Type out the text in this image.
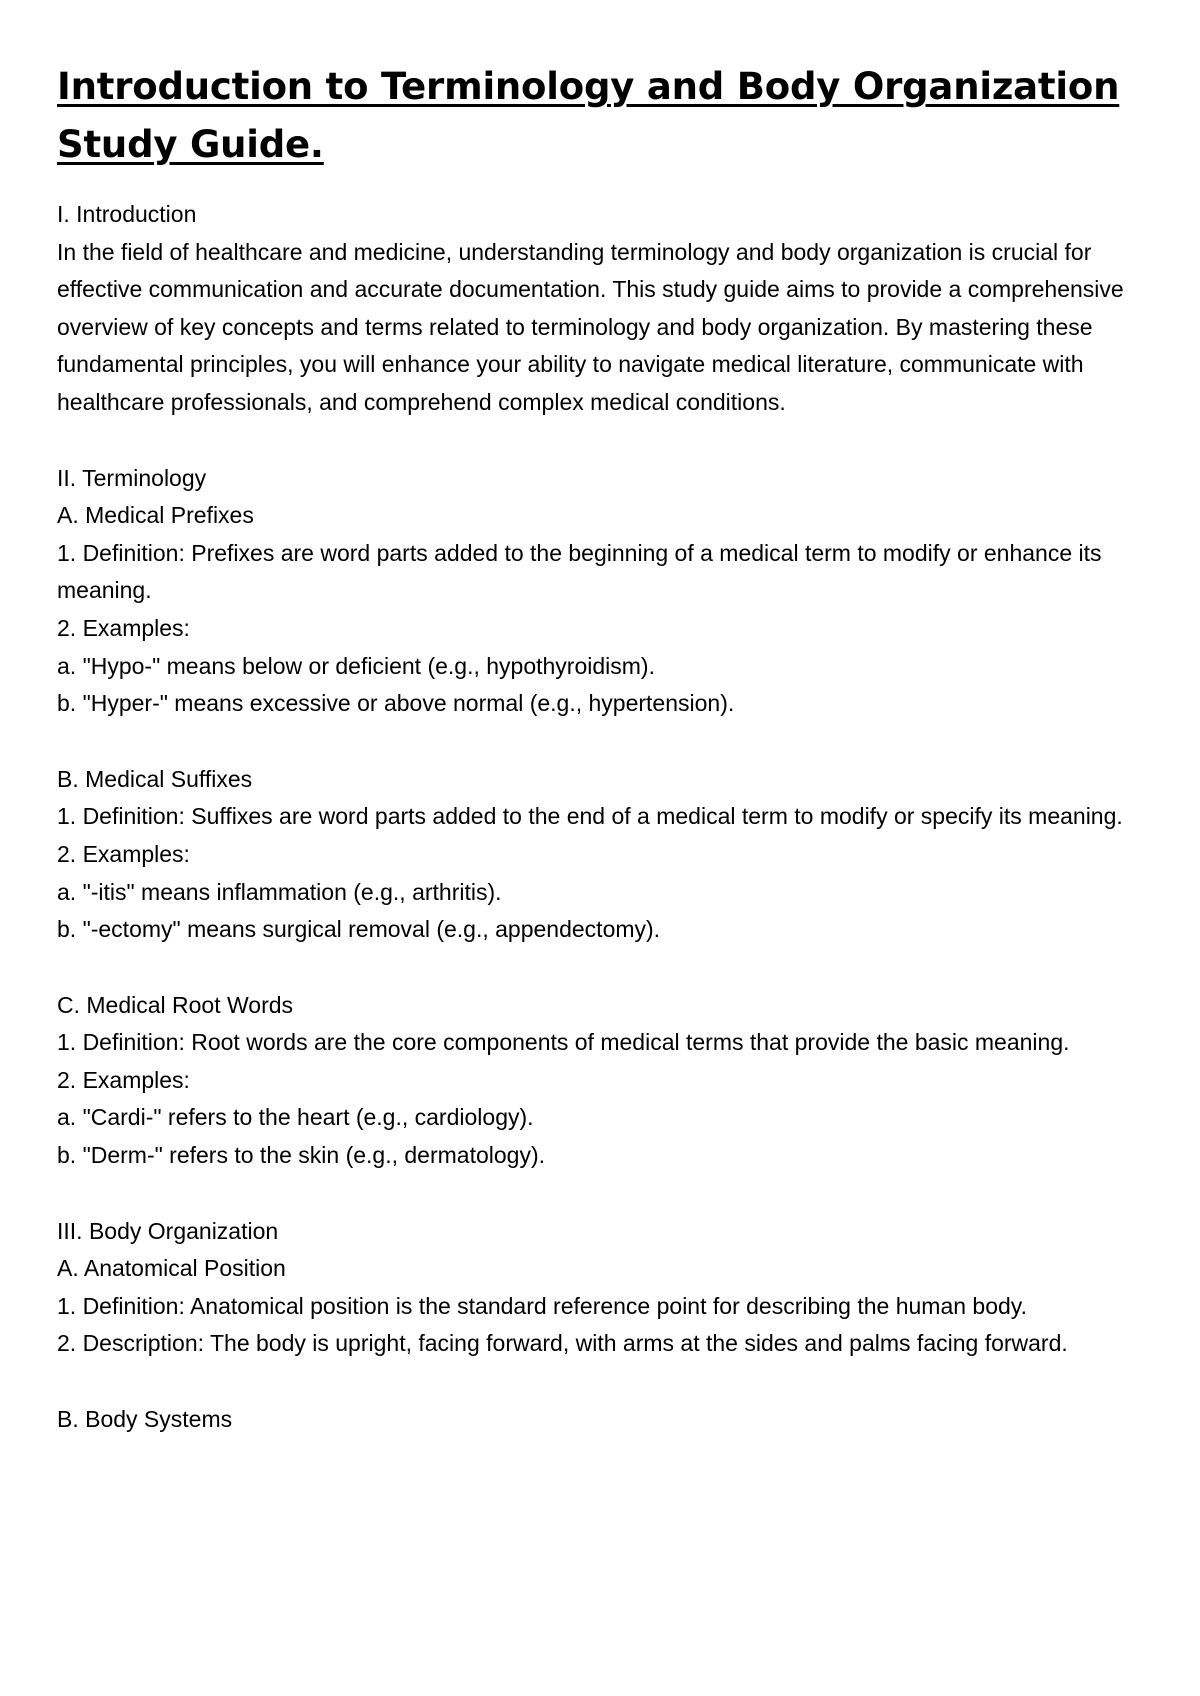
Introduction to Terminology and Body Organization
Study Guide.

I. Introduction

In the field of healthcare and medicine, understanding terminology and body organization is crucial for effective communication and accurate documentation. This study guide aims to provide a comprehensive overview of key concepts and terms related to terminology and body organization. By mastering these fundamental principles, you will enhance your ability to navigate medical literature, communicate with healthcare professionals, and comprehend complex medical conditions.

II. Terminology

A. Medical Prefixes

1. Definition: Prefixes are word parts added to the beginning of a medical term to modify or enhance its meaning.

2. Examples:

a. "Hypo-" means below or deficient (e.g., hypothyroidism).

b. "Hyper-" means excessive or above normal (e.g., hypertension).

B. Medical Suffixes

1. Definition: Suffixes are word parts added to the end of a medical term to modify or specify its meaning.

2. Examples:

a. "-itis" means inflammation (e.g., arthritis).

b. "-ectomy" means surgical removal (e.g., appendectomy).

C. Medical Root Words

1. Definition: Root words are the core components of medical terms that provide the basic meaning.

2. Examples:

a. "Cardi-" refers to the heart (e.g., cardiology).

b. "Derm-" refers to the skin (e.g., dermatology).

III. Body Organization

A. Anatomical Position

1. Definition: Anatomical position is the standard reference point for describing the human body.

2. Description: The body is upright, facing forward, with arms at the sides and palms facing forward.

B. Body Systems
